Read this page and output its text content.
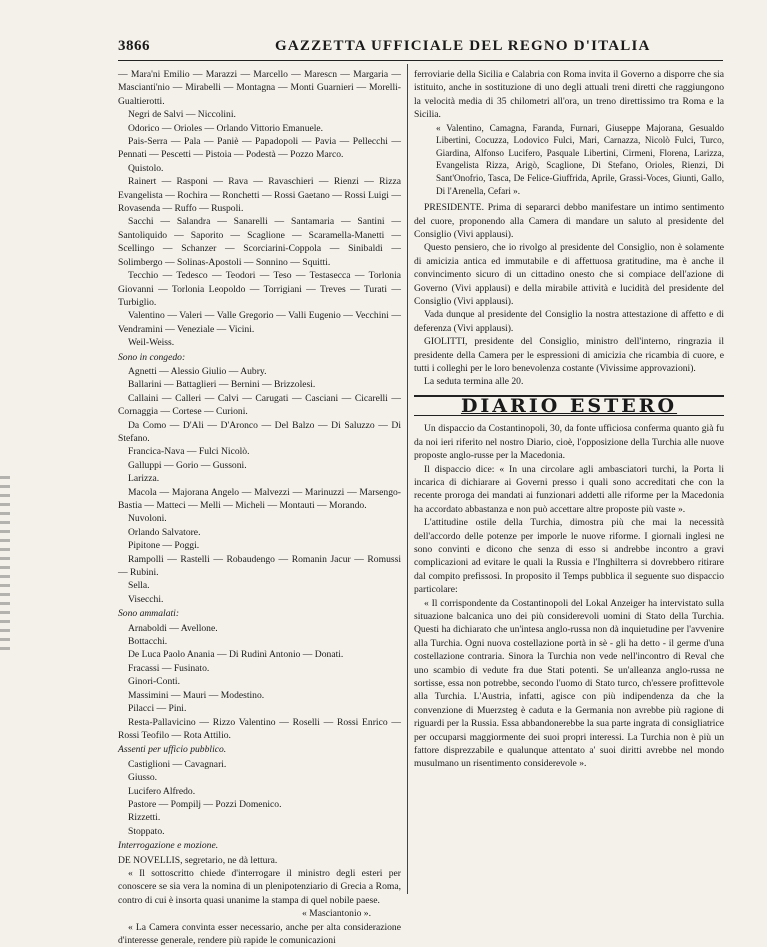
3866	GAZZETTA UFFICIALE DEL REGNO D'ITALIA

— Mara'ni Emilio — Marazzi — Marcello — Marescn — Margaria — Mascianti'nio — Mirabelli — Montagna — Monti Guarnieri — Morelli-Gualtierotti.

Negri de Salvi — Niccolini.

Odorico — Orioles — Orlando Vittorio Emanuele.

Pais-Serra — Pala — Paniè — Papadopoli — Pavia — Pellecchi — Pennati — Pescetti — Pistoia — Podestà — Pozzo Marco.

Quistolo.

Rainert — Rasponi — Rava — Ravaschieri — Rienzi — Rizza Evangelista — Rochira — Ronchetti — Rossi Gaetano — Rossi Luigi — Rovasenda — Ruffo — Ruspoli.

Sacchi — Salandra — Sanarelli — Santamaria — Santini — Santoliquido — Saporito — Scaglione — Scaramella-Manetti — Scellingo — Schanzer — Scorciarini-Coppola — Sinibaldi — Solimbergo — Solinas-Apostoli — Sonnino — Squitti.

Tecchio — Tedesco — Teodori — Teso — Testasecca — Torlonia Giovanni — Torlonia Leopoldo — Torrigiani — Treves — Turati — Turbiglio.

Valentino — Valeri — Valle Gregorio — Valli Eugenio — Vecchini — Vendramini — Veneziale — Vicini.

Weil-Weiss.

Sono in congedo:

Agnetti — Alessio Giulio — Aubry.

Ballarini — Battaglieri — Bernini — Brizzolesi.

Callaini — Calleri — Calvi — Carugati — Casciani — Cicarelli — Cornaggia — Cortese — Curioni.

Da Como — D'Ali — D'Aronco — Del Balzo — Di Saluzzo — Di Stefano.

Francica-Nava — Fulci Nicolò.

Galluppi — Gorio — Gussoni.

Larizza.

Macola — Majorana Angelo — Malvezzi — Marinuzzi — Marsengo-Bastia — Matteci — Melli — Micheli — Montauti — Morando.

Nuvoloni.

Orlando Salvatore.

Pipitone — Poggi.

Rampolli — Rastelli — Robaudengo — Romanin Jacur — Romussi — Rubini.

Sella.

Visecchi.

Sono ammalati:

Arnaboldi — Avellone.

Bottacchi.

De Luca Paolo Anania — Di Rudinì Antonio — Donati.

Fracassi — Fusinato.

Ginori-Conti.

Massimini — Mauri — Modestino.

Pilacci — Pini.

Resta-Pallavicino — Rizzo Valentino — Roselli — Rossi Enrico — Rossi Teofilo — Rota Attilio.

Assenti per ufficio pubblico.

Castiglioni — Cavagnari.

Giusso.

Lucifero Alfredo.

Pastore — Pompilj — Pozzi Domenico.

Rizzetti.

Stoppato.

Interrogazione e mozione.

DE NOVELLIS, segretario, ne dà lettura.

« Il sottoscritto chiede d'interrogare il ministro degli esteri per conoscere se sia vera la nomina di un plenipotenziario di Grecia a Roma, contro di cui è insorta quasi unanime la stampa di quel nobile paese.

« Masciantonio ».

« La Camera convinta esser necessario, anche per alta considerazione d'interesse generale, rendere più rapide le comunicazioni

ferroviarie della Sicilia e Calabria con Roma invita il Governo a disporre che sia istituito, anche in sostituzione di uno degli attuali treni diretti che raggiungono la velocità media di 35 chilometri all'ora, un treno direttissimo tra Roma e la Sicilia.

« Valentino, Camagna, Faranda, Furnari, Giuseppe Majorana, Gesualdo Libertini, Cocuzza, Lodovico Fulci, Mari, Carnazza, Nicolò Fulci, Turco, Giardina, Alfonso Lucifero, Pasquale Libertini, Cirmeni, Florena, Larizza, Evangelista Rizza, Arigò, Scaglione, Di Stefano, Orioles, Rienzi, Di Sant'Onofrio, Tasca, De Felice-Giuffrida, Aprile, Grassi-Voces, Giunti, Gallo, Di l'Arenella, Cefari ».

PRESIDENTE. Prima di separarci debbo manifestare un intimo sentimento del cuore, proponendo alla Camera di mandare un saluto al presidente del Consiglio (Vivi applausi).

Questo pensiero, che io rivolgo al presidente del Consiglio, non è solamente di amicizia antica ed immutabile e di affettuosa gratitudine, ma è anche il convincimento sicuro di un cittadino onesto che si compiace dell'azione di Governo (Vivi applausi) e della mirabile attività e lucidità del presidente del Consiglio (Vivi applausi).

Vada dunque al presidente del Consiglio la nostra attestazione di affetto e di deferenza (Vivi applausi).

GIOLITTI, presidente del Consiglio, ministro dell'interno, ringrazia il presidente della Camera per le espressioni di amicizia che ricambia di cuore, e tutti i colleghi per le loro benevolenza costante (Vivissime approvazioni).

La seduta termina alle 20.

DIARIO ESTERO

Un dispaccio da Costantinopoli, 30, da fonte ufficiosa conferma quanto già fu da noi ieri riferito nel nostro Diario, cioè, l'opposizione della Turchia alle nuove proposte anglo-russe per la Macedonia.

Il dispaccio dice: « In una circolare agli ambasciatori turchi, la Porta li incarica di dichiarare ai Governi presso i quali sono accreditati che con la recente proroga dei mandati ai funzionari addetti alle riforme per la Macedonia ha accordato abbastanza e non può accettare altre proposte più vaste ».

L'attitudine ostile della Turchia, dimostra più che mai la necessità dell'accordo delle potenze per imporle le nuove riforme. I giornali inglesi ne sono convinti e dicono che senza di esso si andrebbe incontro a gravi complicazioni ad evitare le quali la Russia e l'Inghilterra si dovrebbero ritirare dal compito prefissosi. In proposito il Temps pubblica il seguente suo dispaccio particolare:

« Il corrispondente da Costantinopoli del Lokal Anzeiger ha intervistato sulla situazione balcanica uno dei più considerevoli uomini di Stato della Turchia. Questi ha dichiarato che un'intesa anglo-russa non dà inquietudine per l'avvenire alla Turchia. Ogni nuova costellazione portà in sè - gli ha detto - il germe d'una costellazione contraria. Sinora la Turchia non vede nell'incontro di Reval che uno scambio di vedute fra due Stati potenti. Se un'alleanza anglo-russa ne sortisse, essa non potrebbe, secondo l'uomo di Stato turco, ch'essere profittevole alla Turchia. L'Austria, infatti, agisce con più indipendenza da che la convenzione di Muerzsteg è caduta e la Germania non avrebbe più ragione di riguardi per la Russia. Essa abbandonerebbe la sua parte ingrata di consigliatrice per occuparsi maggiormente dei suoi propri interessi. La Turchia non è più un fattore disprezzabile e qualunque attentato a' suoi diritti avrebbe nel mondo musulmano un risentimento considerevole ».
